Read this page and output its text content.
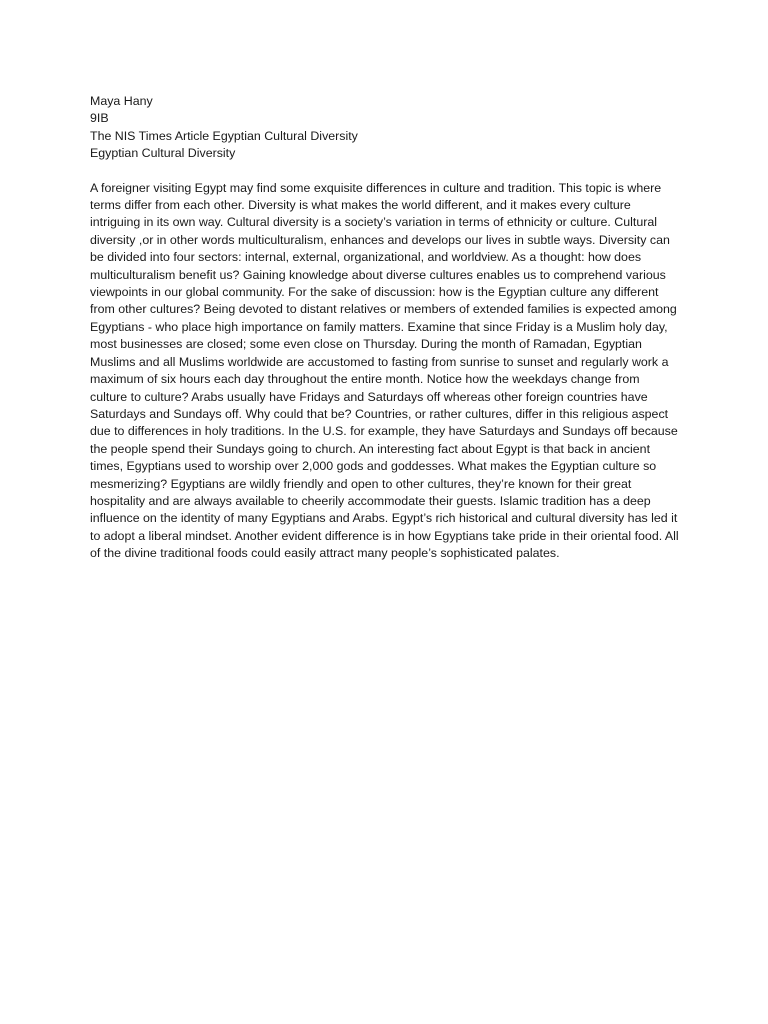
Maya Hany
9IB
The NIS Times Article Egyptian Cultural Diversity
Egyptian Cultural Diversity

A foreigner visiting Egypt may find some exquisite differences in culture and tradition. This topic is where terms differ from each other. Diversity is what makes the world different, and it makes every culture intriguing in its own way. Cultural diversity is a society’s variation in terms of ethnicity or culture. Cultural diversity ,or in other words multiculturalism, enhances and develops our lives in subtle ways. Diversity can be divided into four sectors: internal, external, organizational, and worldview. As a thought: how does multiculturalism benefit us? Gaining knowledge about diverse cultures enables us to comprehend various viewpoints in our global community. For the sake of discussion: how is the Egyptian culture any different from other cultures? Being devoted to distant relatives or members of extended families is expected among Egyptians - who place high importance on family matters. Examine that since Friday is a Muslim holy day, most businesses are closed; some even close on Thursday. During the month of Ramadan, Egyptian Muslims and all Muslims worldwide are accustomed to fasting from sunrise to sunset and regularly work a maximum of six hours each day throughout the entire month. Notice how the weekdays change from culture to culture? Arabs usually have Fridays and Saturdays off whereas other foreign countries have Saturdays and Sundays off. Why could that be? Countries, or rather cultures, differ in this religious aspect due to differences in holy traditions. In the U.S. for example, they have Saturdays and Sundays off because the people spend their Sundays going to church. An interesting fact about Egypt is that back in ancient times, Egyptians used to worship over 2,000 gods and goddesses. What makes the Egyptian culture so mesmerizing? Egyptians are wildly friendly and open to other cultures, they’re known for their great hospitality and are always available to cheerily accommodate their guests. Islamic tradition has a deep influence on the identity of many Egyptians and Arabs. Egypt’s rich historical and cultural diversity has led it to adopt a liberal mindset. Another evident difference is in how Egyptians take pride in their oriental food. All of the divine traditional foods could easily attract many people’s sophisticated palates.
